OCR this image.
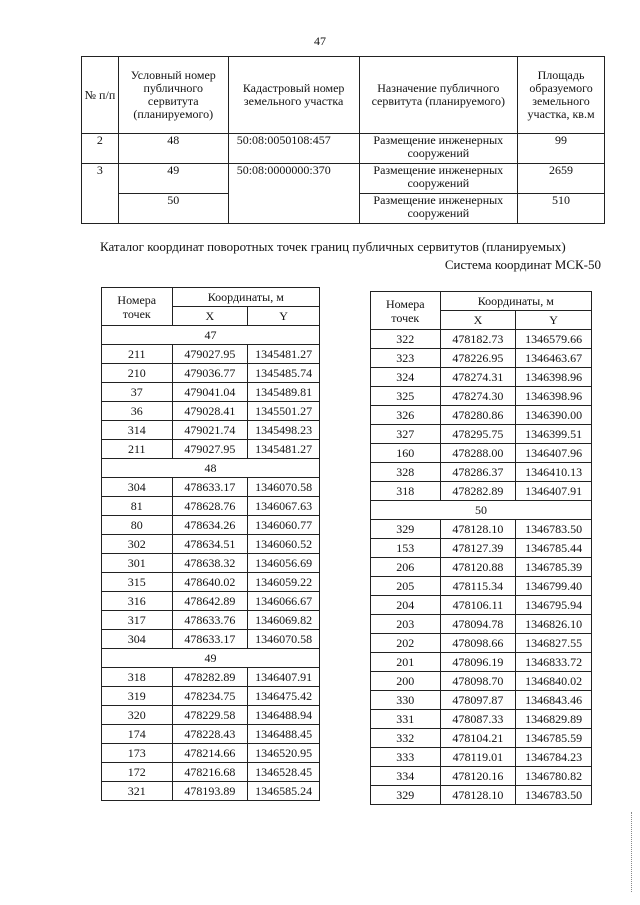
47
№ п/п	Условный номер публичного сервитута (планируемого)	Кадастровый номер земельного участка	Назначение публичного сервитута (планируемого)	Площадь образуемого земельного участка, кв.м
2	48	50:08:0050108:457	Размещение инженерных сооружений	99
3	49	50:08:0000000:370	Размещение инженерных сооружений	2659
	50		Размещение инженерных сооружений	510
Каталог координат поворотных точек границ публичных сервитутов (планируемых)
Система координат МСК-50
Номера точек	Координаты, м	
	X	Y
47		
211	479027.95	1345481.27
210	479036.77	1345485.74
37	479041.04	1345489.81
36	479028.41	1345501.27
314	479021.74	1345498.23
211	479027.95	1345481.27
48		
304	478633.17	1346070.58
81	478628.76	1346067.63
80	478634.26	1346060.77
302	478634.51	1346060.52
301	478638.32	1346056.69
315	478640.02	1346059.22
316	478642.89	1346066.67
317	478633.76	1346069.82
304	478633.17	1346070.58
49		
318	478282.89	1346407.91
319	478234.75	1346475.42
320	478229.58	1346488.94
174	478228.43	1346488.45
173	478214.66	1346520.95
172	478216.68	1346528.45
321	478193.89	1346585.24
Номера точек	Координаты, м	
	X	Y
322	478182.73	1346579.66
323	478226.95	1346463.67
324	478274.31	1346398.96
325	478274.30	1346398.96
326	478280.86	1346390.00
327	478295.75	1346399.51
160	478288.00	1346407.96
328	478286.37	1346410.13
318	478282.89	1346407.91
50		
329	478128.10	1346783.50
153	478127.39	1346785.44
206	478120.88	1346785.39
205	478115.34	1346799.40
204	478106.11	1346795.94
203	478094.78	1346826.10
202	478098.66	1346827.55
201	478096.19	1346833.72
200	478098.70	1346840.02
330	478097.87	1346843.46
331	478087.33	1346829.89
332	478104.21	1346785.59
333	478119.01	1346784.23
334	478120.16	1346780.82
329	478128.10	1346783.50
